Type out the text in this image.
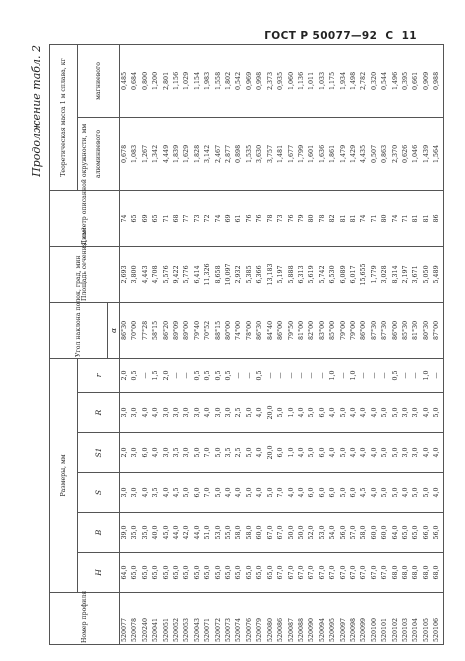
ГОСТ Р 50077—92 С 11
Продолжение табл. 2
Номер профиля	Размеры, мм						Угол наклона полок, град, мин	Площадь сечения, см²	Диаметр описанной окружности, мм	Теоретическая масса 1 м сплава, кг	
	H	B	S	S1	R	r				алюминиевого	магниевого
							α				
520077	64,0	39,0	3,0	2,0	3,0	2,0	86°30	2,693	74	0,678	0,485
520078	65,0	35,0	3,0	3,0	3,0	0,5	70°00	3,800	65	1,083	0,684
520240	65,0	35,0	4,0	6,0	4,0	—	77°28	4,443	69	1,267	0,800
520041	65,0	40,0	3,5	4,0	4,0	1,5	58°15	4,708	65	1,342	1,200
520051	65,0	45,0	4,0	3,0	3,0	2,0	86°20	5,576	71	4,449	2,801
520052	65,0	44,0	4,5	3,5	3,0	—	89°09	9,422	68	1,839	1,156
520053	65,0	42,0	5,0	3,0	3,0	—	89°00	5,776	77	1,629	1,029
520043	65,0	44,0	6,0	5,0	3,0	0,5	79°40	6,414	73	1,828	1,154
520071	65,0	51,0	7,0	7,0	4,0	0,5	70°52	11,326	72	3,142	1,983
520072	65,0	53,0	5,0	5,0	3,0	0,5	88°15	8,658	74	2,467	1,558
520073	65,0	55,0	4,0	3,5	3,0	0,5	80°00	10,097	69	2,877	1,802
520074	65,0	58,0	4,0	2,5	2,5	—	74°00	2,932	61	0,898	0,542
520076	65,0	58,0	5,0	5,0	5,0	—	78°00	5,385	76	1,535	0,969
520079	65,0	60,0	4,0	4,0	4,0	0,5	86°30	6,366	76	3,630	0,998
520080	65,0	67,0	5,0	20,0	20,0	—	84°40	13,183	78	3,757	2,373
520086	67,0	67,0	7,0	6,0	5,0	—	86°00	5,197	73	1,481	0,935
520087	67,0	50,0	4,0	1,0	1,0	—	79°50	5,888	76	1,677	1,060
520088	67,0	50,0	4,0	4,0	4,0	—	81°00	6,313	79	1,799	1,136
520090	67,0	52,0	6,0	5,0	5,0	—	82°00	5,619	80	1,601	1,011
520094	67,0	53,0	6,0	6,0	6,0	—	83°00	5,742	78	1,636	1,033
520095	67,0	54,0	6,0	4,0	4,0	1,0	85°00	6,530	82	1,861	1,175
520097	67,0	56,0	5,0	5,0	5,0	—	79°00	6,089	81	1,479	1,934
520098	67,0	57,0	6,0	4,0	4,0	1,0	79°00	6,017	81	1,429	1,498
520099	67,0	58,0	4,5	4,0	4,0	—	86°00	15,655	74	4,435	2,782
520100	67,0	60,0	4,0	4,0	4,0	—	87°30	1,779	71	0,507	0,320
520101	67,0	60,0	5,0	5,0	5,0	—	87°30	3,028	80	0,863	0,544
520102	68,0	64,0	5,0	5,0	5,0	0,5	86°00	8,314	74	2,370	1,496
520103	68,0	65,0	4,0	3,0	3,0	—	85°30	2,197	71	0,626	0,395
520104	68,0	65,0	5,0	3,0	3,0	—	81°30	3,671	81	1,046	0,661
520105	68,0	66,0	5,0	4,0	4,0	1,0	80°30	5,050	81	1,439	0,909
520106	68,0	56,0	4,0	4,0	5,0	—	87°00	5,489	86	1,564	0,988
